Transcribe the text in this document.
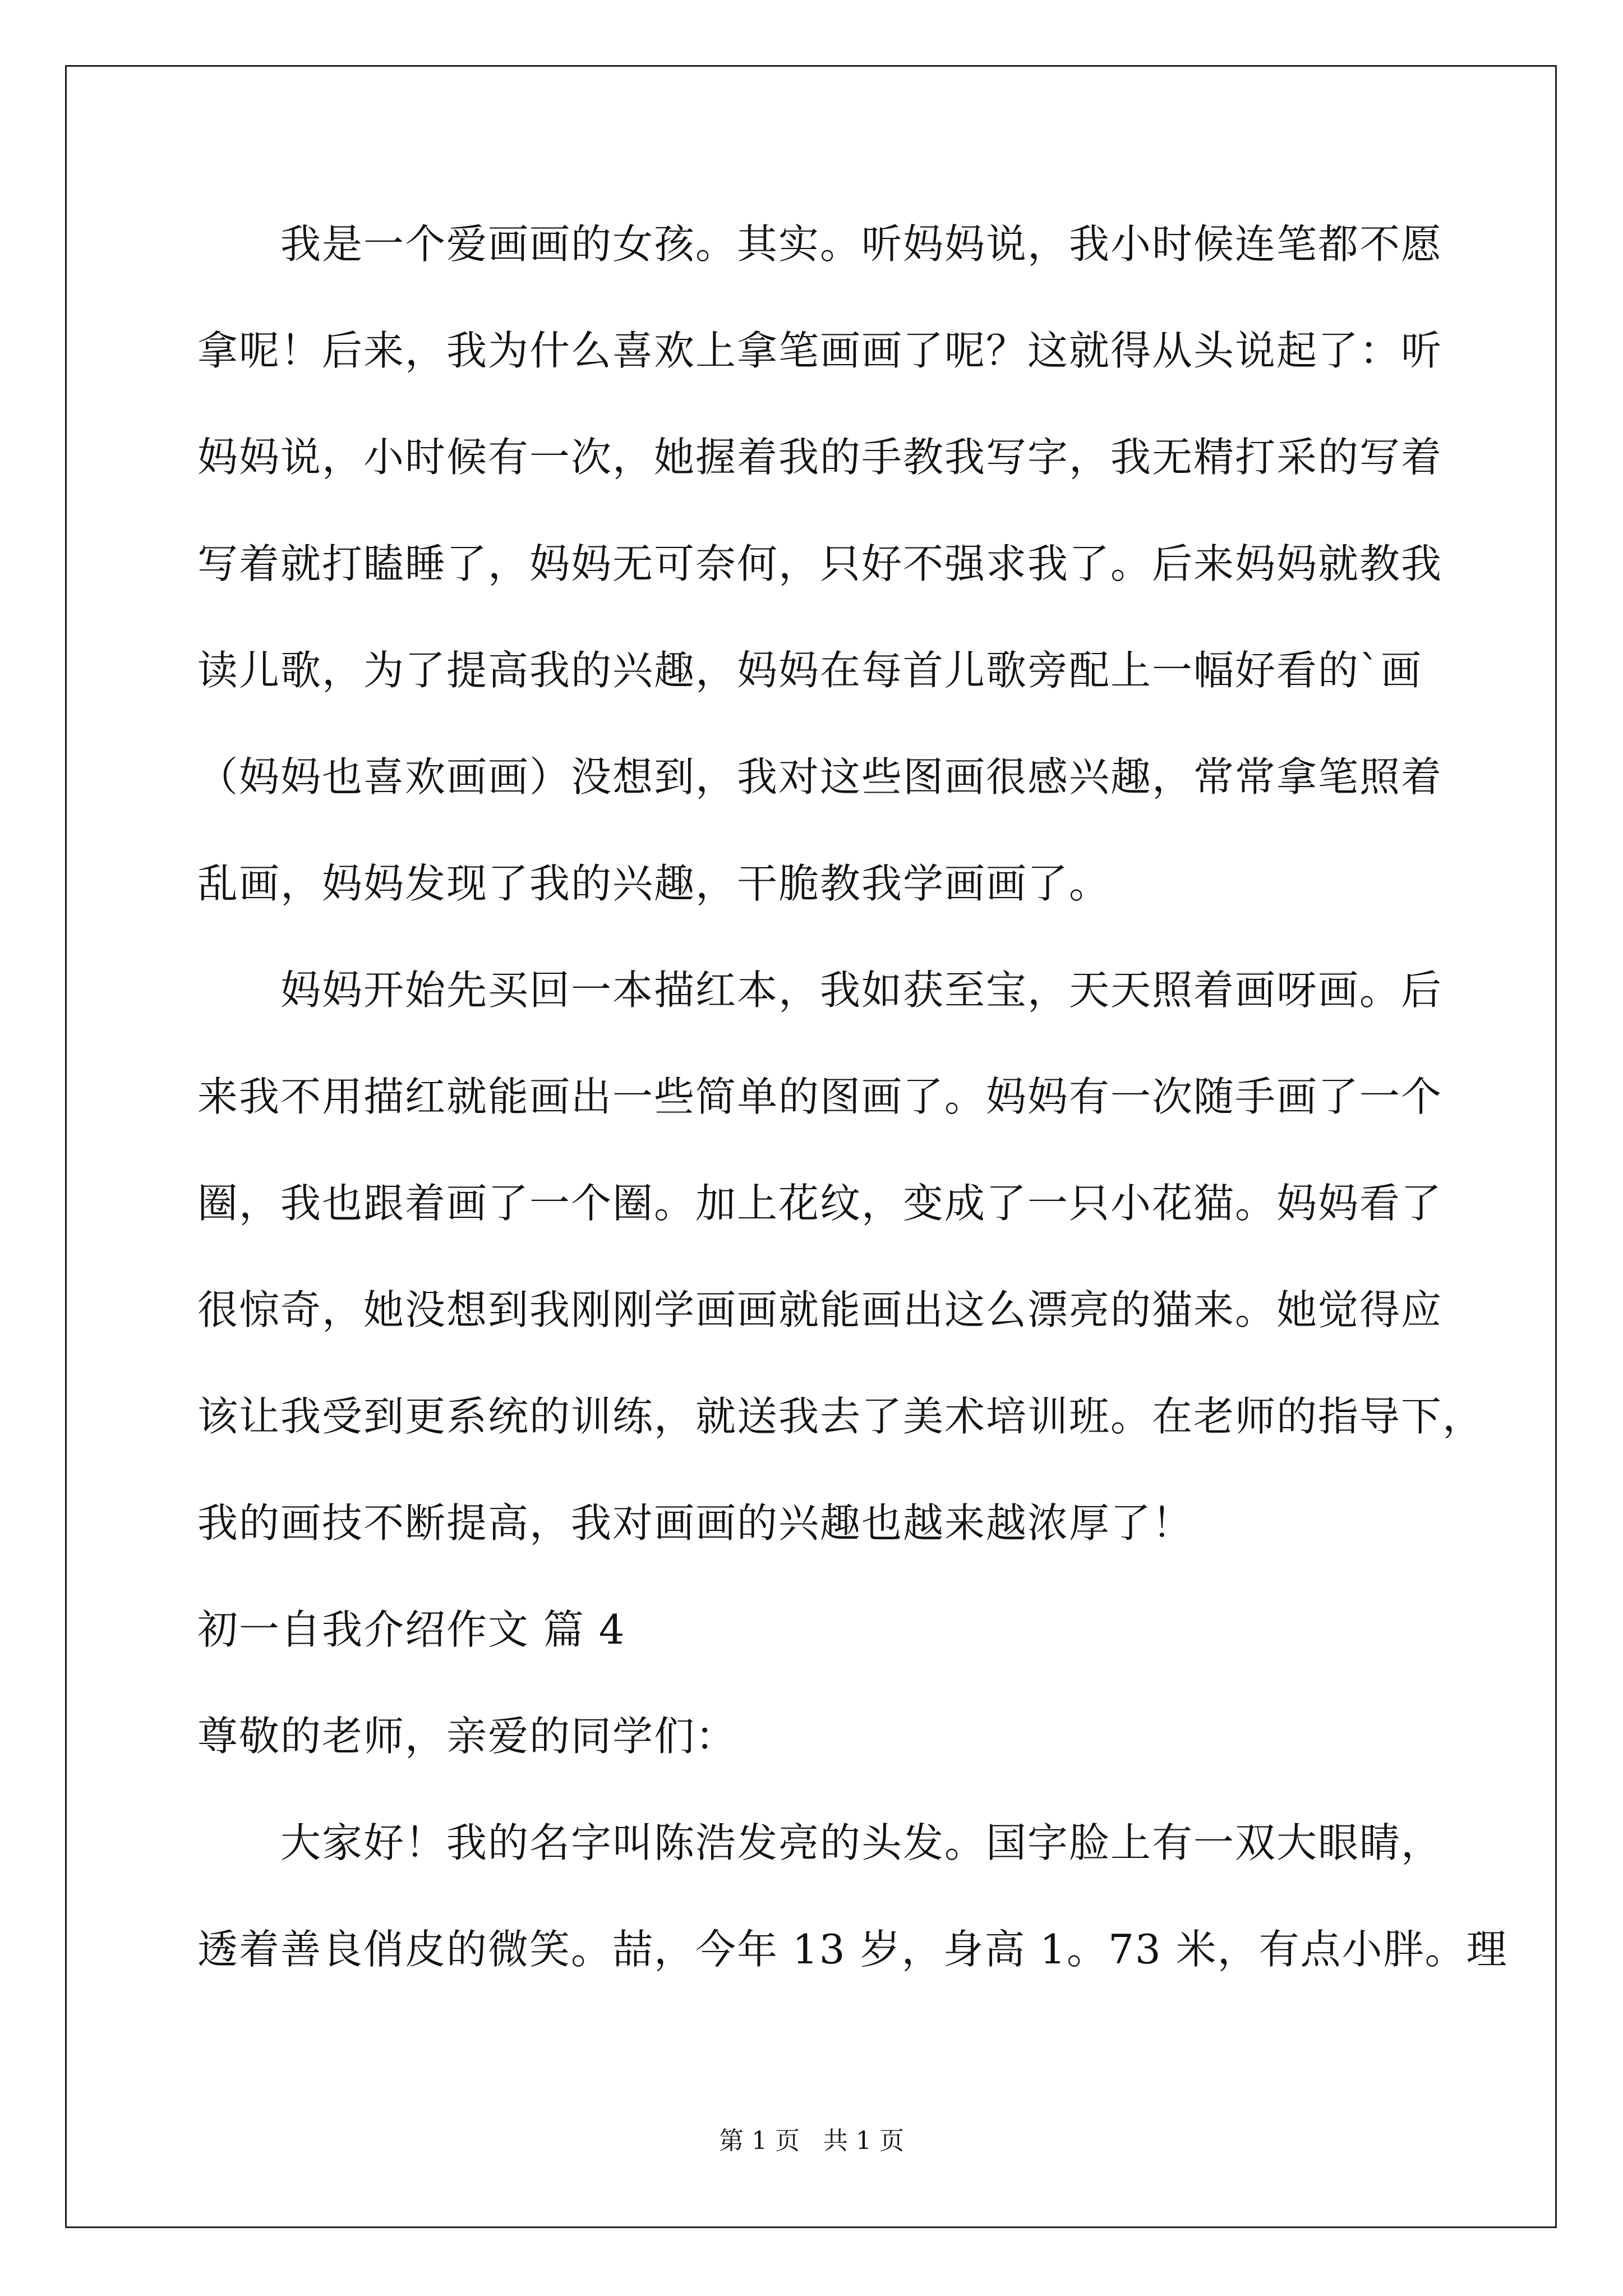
我是一个爱画画的女孩。其实。听妈妈说，我小时候连笔都不愿
拿呢！后来，我为什么喜欢上拿笔画画了呢？这就得从头说起了：听
妈妈说，小时候有一次，她握着我的手教我写字，我无精打采的写着
写着就打瞌睡了，妈妈无可奈何，只好不强求我了。后来妈妈就教我
读儿歌，为了提高我的兴趣，妈妈在每首儿歌旁配上一幅好看的`画
（妈妈也喜欢画画）没想到，我对这些图画很感兴趣，常常拿笔照着
乱画，妈妈发现了我的兴趣，干脆教我学画画了。
妈妈开始先买回一本描红本，我如获至宝，天天照着画呀画。后
来我不用描红就能画出一些简单的图画了。妈妈有一次随手画了一个
圈，我也跟着画了一个圈。加上花纹，变成了一只小花猫。妈妈看了
很惊奇，她没想到我刚刚学画画就能画出这么漂亮的猫来。她觉得应
该让我受到更系统的训练，就送我去了美术培训班。在老师的指导下，
我的画技不断提高，我对画画的兴趣也越来越浓厚了！
初一自我介绍作文 篇 4
尊敬的老师，亲爱的同学们：
大家好！我的名字叫陈浩发亮的头发。国字脸上有一双大眼睛，
透着善良俏皮的微笑。喆，今年 13 岁，身高 1。73 米，有点小胖。理
第 1 页 共 1 页
